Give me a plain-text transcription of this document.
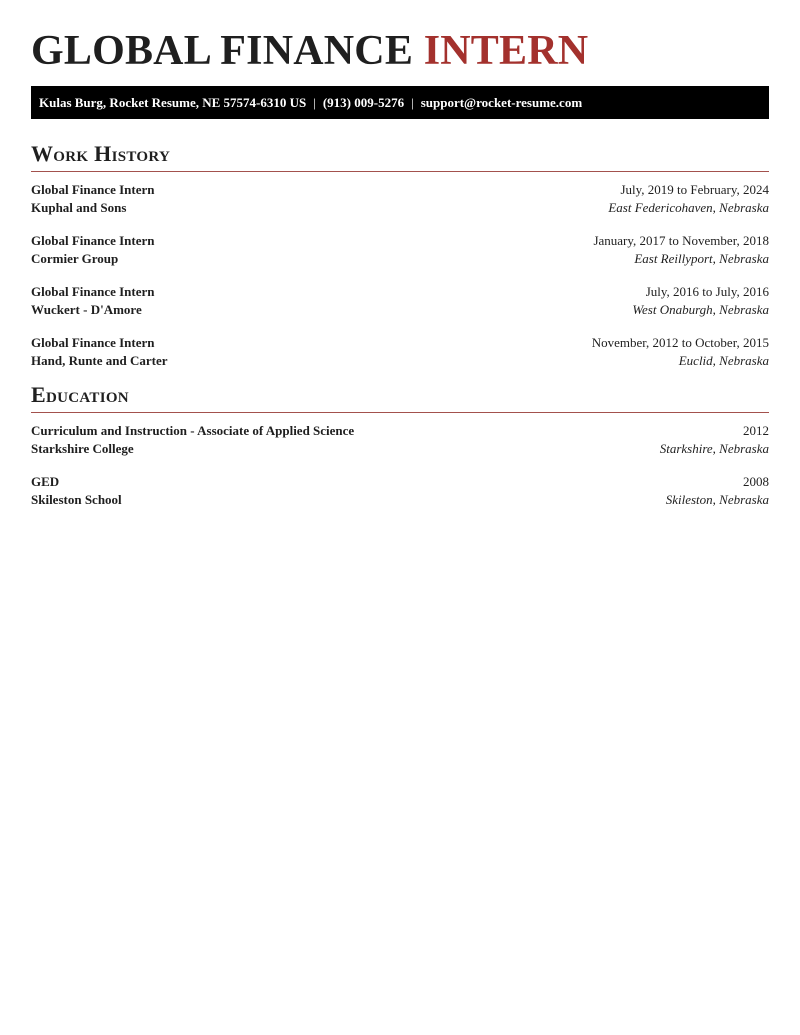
GLOBAL FINANCE INTERN
Kulas Burg, Rocket Resume, NE 57574-6310 US | (913) 009-5276 | support@rocket-resume.com
Work History
Global Finance Intern	July, 2019 to February, 2024
Kuphal and Sons	East Federicohaven, Nebraska
Global Finance Intern	January, 2017 to November, 2018
Cormier Group	East Reillyport, Nebraska
Global Finance Intern	July, 2016 to July, 2016
Wuckert - D'Amore	West Onaburgh, Nebraska
Global Finance Intern	November, 2012 to October, 2015
Hand, Runte and Carter	Euclid, Nebraska
Education
Curriculum and Instruction - Associate of Applied Science	2012
Starkshire College	Starkshire, Nebraska
GED	2008
Skileston School	Skileston, Nebraska
